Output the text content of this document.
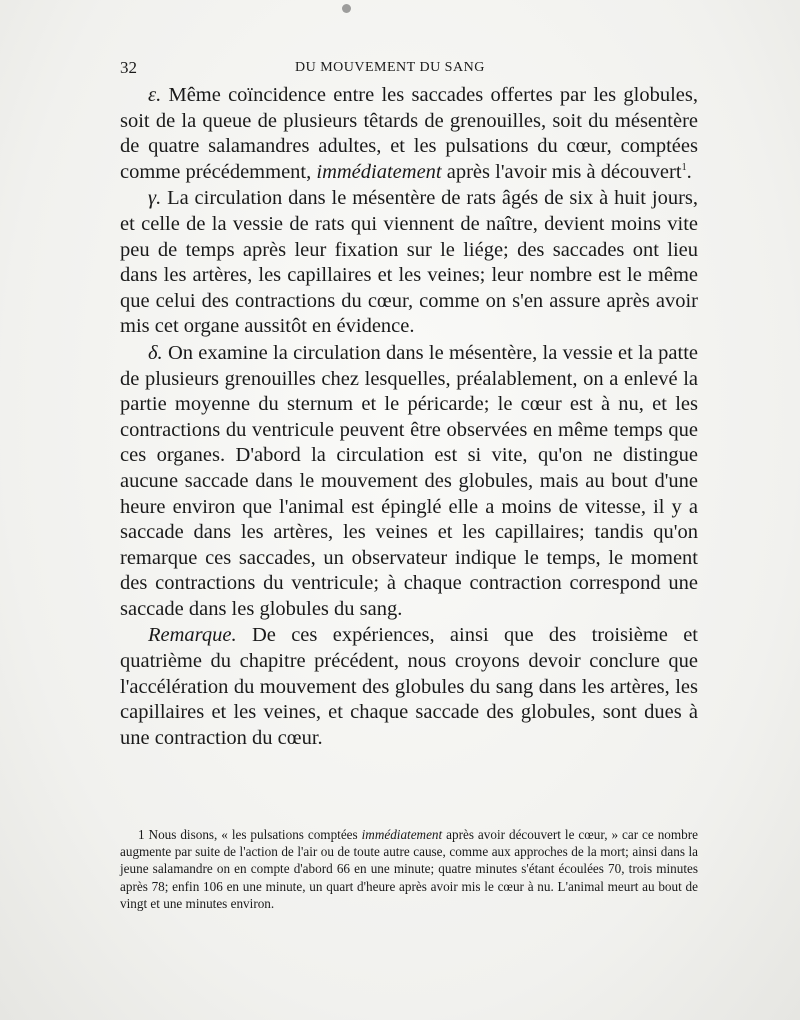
32	DU MOUVEMENT DU SANG

ε. Même coïncidence entre les saccades offertes par les globules, soit de la queue de plusieurs têtards de grenouilles, soit du mésentère de quatre salamandres adultes, et les pulsations du cœur, comptées comme précédemment, immédiatement après l'avoir mis à découvert$^1$.

γ. La circulation dans le mésentère de rats âgés de six à huit jours, et celle de la vessie de rats qui viennent de naître, devient moins vite peu de temps après leur fixation sur le liége; des saccades ont lieu dans les artères, les capillaires et les veines; leur nombre est le même que celui des contractions du cœur, comme on s'en assure après avoir mis cet organe aussitôt en évidence.

δ. On examine la circulation dans le mésentère, la vessie et la patte de plusieurs grenouilles chez lesquelles, préalablement, on a enlevé la partie moyenne du sternum et le péricarde; le cœur est à nu, et les contractions du ventricule peuvent être observées en même temps que ces organes. D'abord la circulation est si vite, qu'on ne distingue aucune saccade dans le mouvement des globules, mais au bout d'une heure environ que l'animal est épinglé elle a moins de vitesse, il y a saccade dans les artères, les veines et les capillaires; tandis qu'on remarque ces saccades, un observateur indique le temps, le moment des contractions du ventricule; à chaque contraction correspond une saccade dans les globules du sang.

Remarque. De ces expériences, ainsi que des troisième et quatrième du chapitre précédent, nous croyons devoir conclure que l'accélération du mouvement des globules du sang dans les artères, les capillaires et les veines, et chaque saccade des globules, sont dues à une contraction du cœur.

1 Nous disons, « les pulsations comptées immédiatement après avoir découvert le cœur, » car ce nombre augmente par suite de l'action de l'air ou de toute autre cause, comme aux approches de la mort; ainsi dans la jeune salamandre on en compte d'abord 66 en une minute; quatre minutes s'étant écoulées 70, trois minutes après 78; enfin 106 en une minute, un quart d'heure après avoir mis le cœur à nu. L'animal meurt au bout de vingt et une minutes environ.
